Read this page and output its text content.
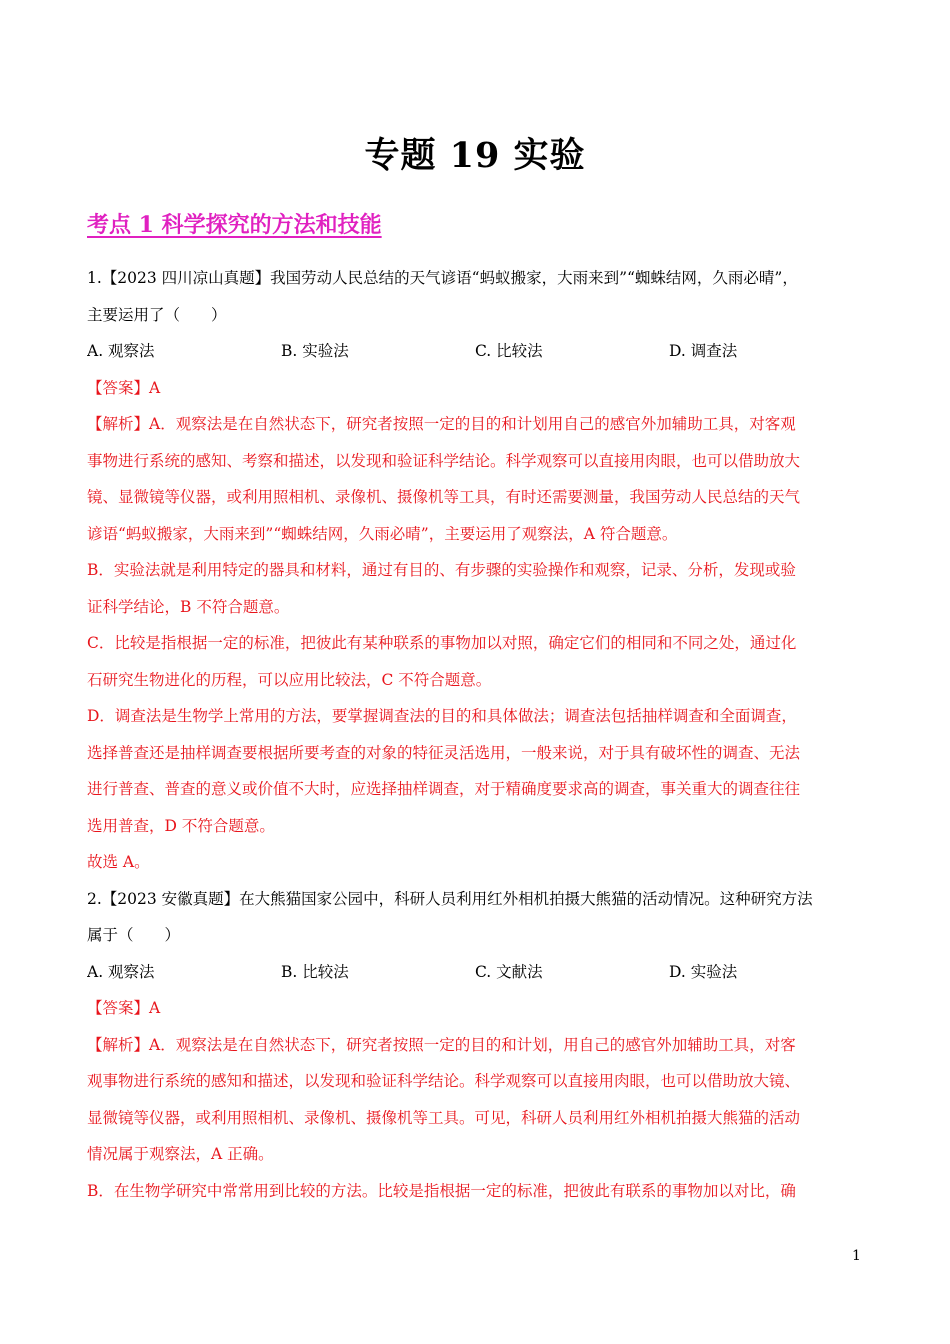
专题 19 实验
考点 1 科学探究的方法和技能
1.【2023 四川凉山真题】我国劳动人民总结的天气谚语“蚂蚁搬家，大雨来到”“蜘蛛结网，久雨必晴”，
主要运用了（　　）
A. 观察法	B. 实验法	C. 比较法	D. 调查法
【答案】A
【解析】A．观察法是在自然状态下，研究者按照一定的目的和计划用自己的感官外加辅助工具，对客观
事物进行系统的感知、考察和描述，以发现和验证科学结论。科学观察可以直接用肉眼，也可以借助放大
镜、显微镜等仪器，或利用照相机、录像机、摄像机等工具，有时还需要测量，我国劳动人民总结的天气
谚语“蚂蚁搬家，大雨来到”“蜘蛛结网，久雨必晴”，主要运用了观察法，A 符合题意。
B．实验法就是利用特定的器具和材料，通过有目的、有步骤的实验操作和观察，记录、分析，发现或验
证科学结论，B 不符合题意。
C．比较是指根据一定的标准，把彼此有某种联系的事物加以对照，确定它们的相同和不同之处，通过化
石研究生物进化的历程，可以应用比较法，C 不符合题意。
D．调查法是生物学上常用的方法，要掌握调查法的目的和具体做法；调查法包括抽样调查和全面调查，
选择普查还是抽样调查要根据所要考查的对象的特征灵活选用，一般来说，对于具有破坏性的调查、无法
进行普查、普查的意义或价值不大时，应选择抽样调查，对于精确度要求高的调查，事关重大的调查往往
选用普查，D 不符合题意。
故选 A。
2.【2023 安徽真题】在大熊猫国家公园中，科研人员利用红外相机拍摄大熊猫的活动情况。这种研究方法
属于（　　）
A. 观察法	B. 比较法	C. 文献法	D. 实验法
【答案】A
【解析】A．观察法是在自然状态下，研究者按照一定的目的和计划，用自己的感官外加辅助工具，对客
观事物进行系统的感知和描述，以发现和验证科学结论。科学观察可以直接用肉眼，也可以借助放大镜、
显微镜等仪器，或利用照相机、录像机、摄像机等工具。可见，科研人员利用红外相机拍摄大熊猫的活动
情况属于观察法，A 正确。
B．在生物学研究中常常用到比较的方法。比较是指根据一定的标准，把彼此有联系的事物加以对比，确
1
